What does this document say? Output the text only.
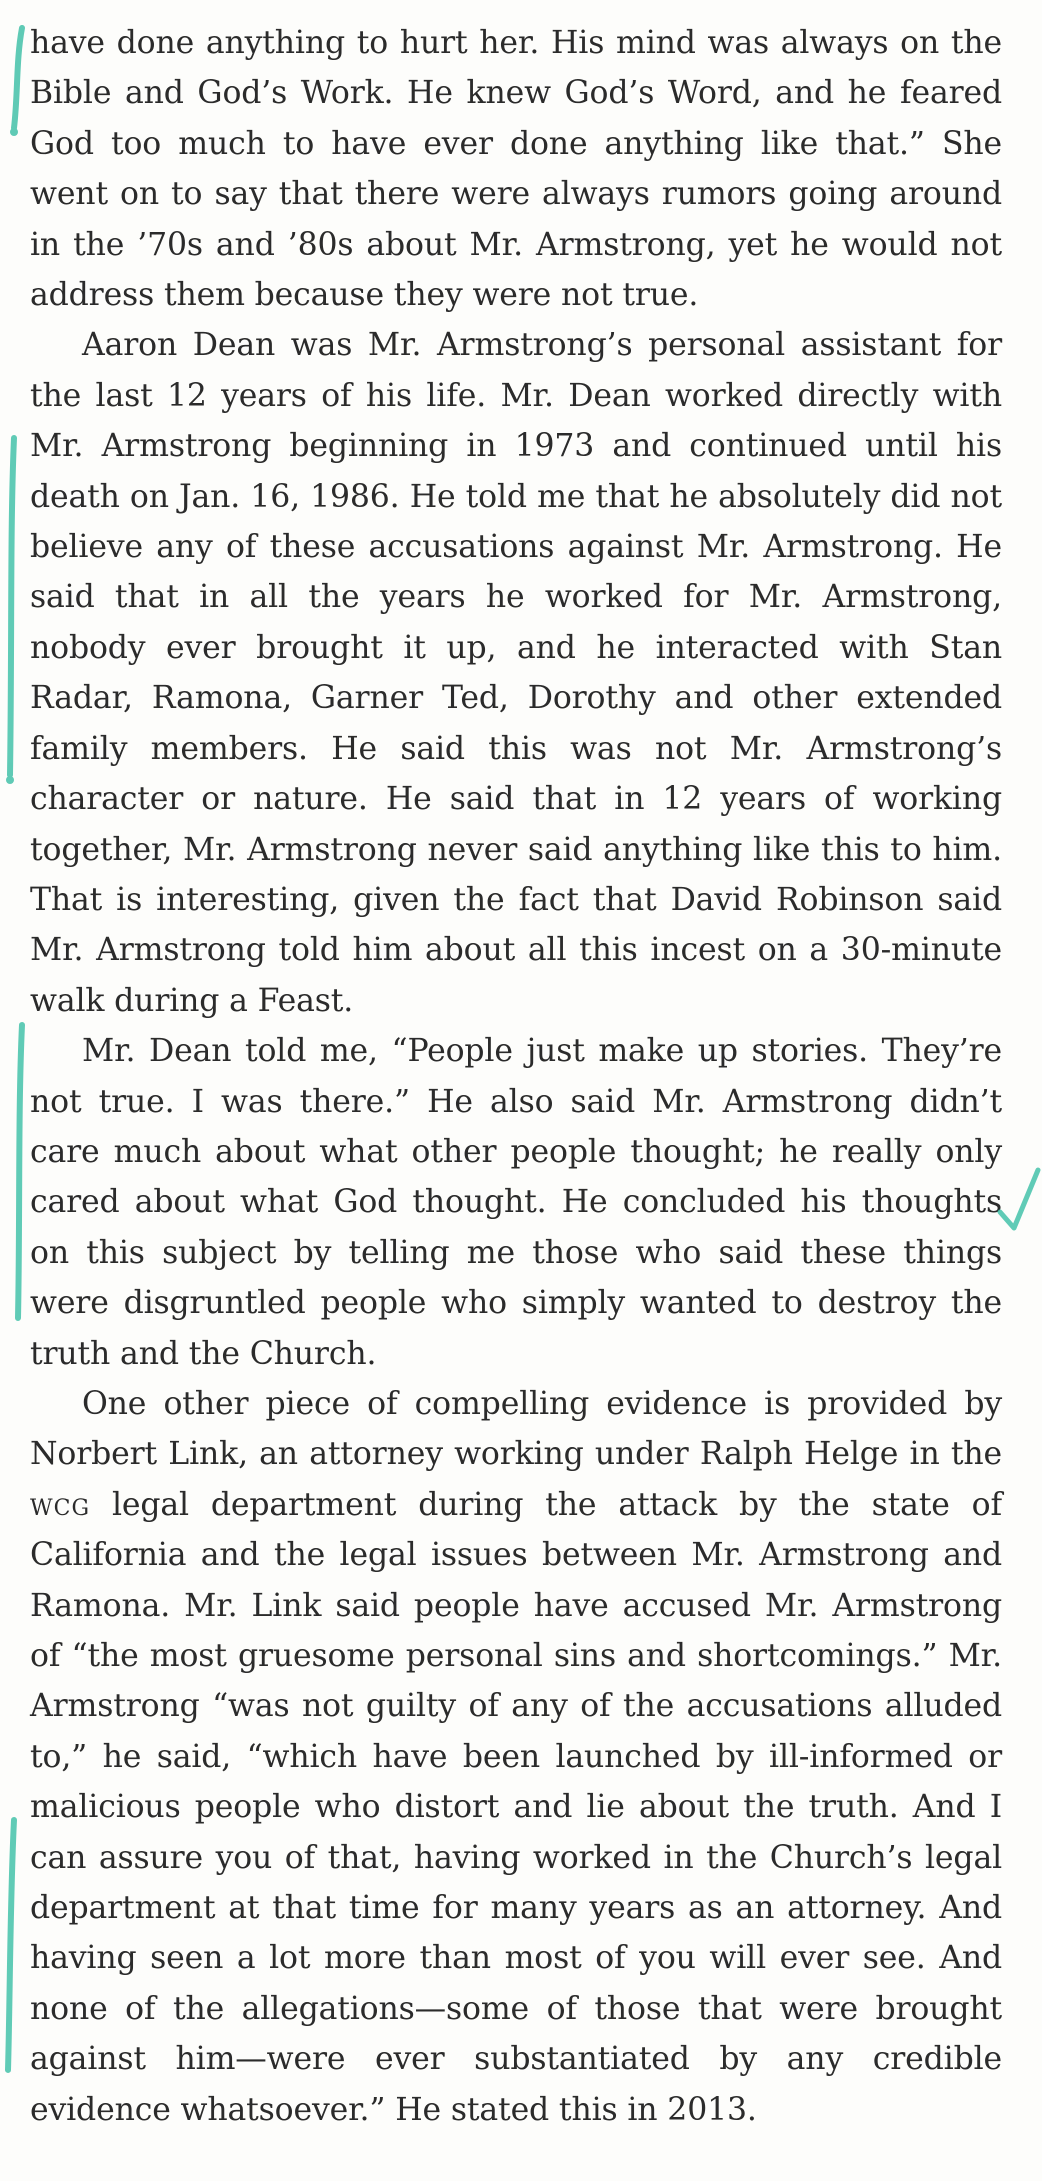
have done anything to hurt her. His mind was always on the Bible and God’s Work. He knew God’s Word, and he feared God too much to have ever done anything like that.” She went on to say that there were always rumors going around in the ’70s and ’80s about Mr. Armstrong, yet he would not address them because they were not true.

Aaron Dean was Mr. Armstrong’s personal assistant for the last 12 years of his life. Mr. Dean worked directly with Mr. Armstrong beginning in 1973 and continued until his death on Jan. 16, 1986. He told me that he absolutely did not believe any of these accusations against Mr. Armstrong. He said that in all the years he worked for Mr. Armstrong, nobody ever brought it up, and he interacted with Stan Radar, Ramona, Garner Ted, Dorothy and other extended family members. He said this was not Mr. Armstrong’s character or nature. He said that in 12 years of working together, Mr. Armstrong never said anything like this to him. That is interesting, given the fact that David Robinson said Mr. Armstrong told him about all this incest on a 30-minute walk during a Feast.

Mr. Dean told me, “People just make up stories. They’re not true. I was there.” He also said Mr. Armstrong didn’t care much about what other people thought; he really only cared about what God thought. He concluded his thoughts on this subject by telling me those who said these things were disgruntled people who simply wanted to destroy the truth and the Church.

One other piece of compelling evidence is provided by Norbert Link, an attorney working under Ralph Helge in the wcg legal department during the attack by the state of California and the legal issues between Mr. Armstrong and Ramona. Mr. Link said people have accused Mr. Armstrong of “the most gruesome personal sins and shortcomings.” Mr. Armstrong “was not guilty of any of the accusations alluded to,” he said, “which have been launched by ill-informed or malicious people who distort and lie about the truth. And I can assure you of that, having worked in the Church’s legal department at that time for many years as an attorney. And having seen a lot more than most of you will ever see. And none of the allegations—some of those that were brought against him—were ever substantiated by any credible evidence whatsoever.” He stated this in 2013.
